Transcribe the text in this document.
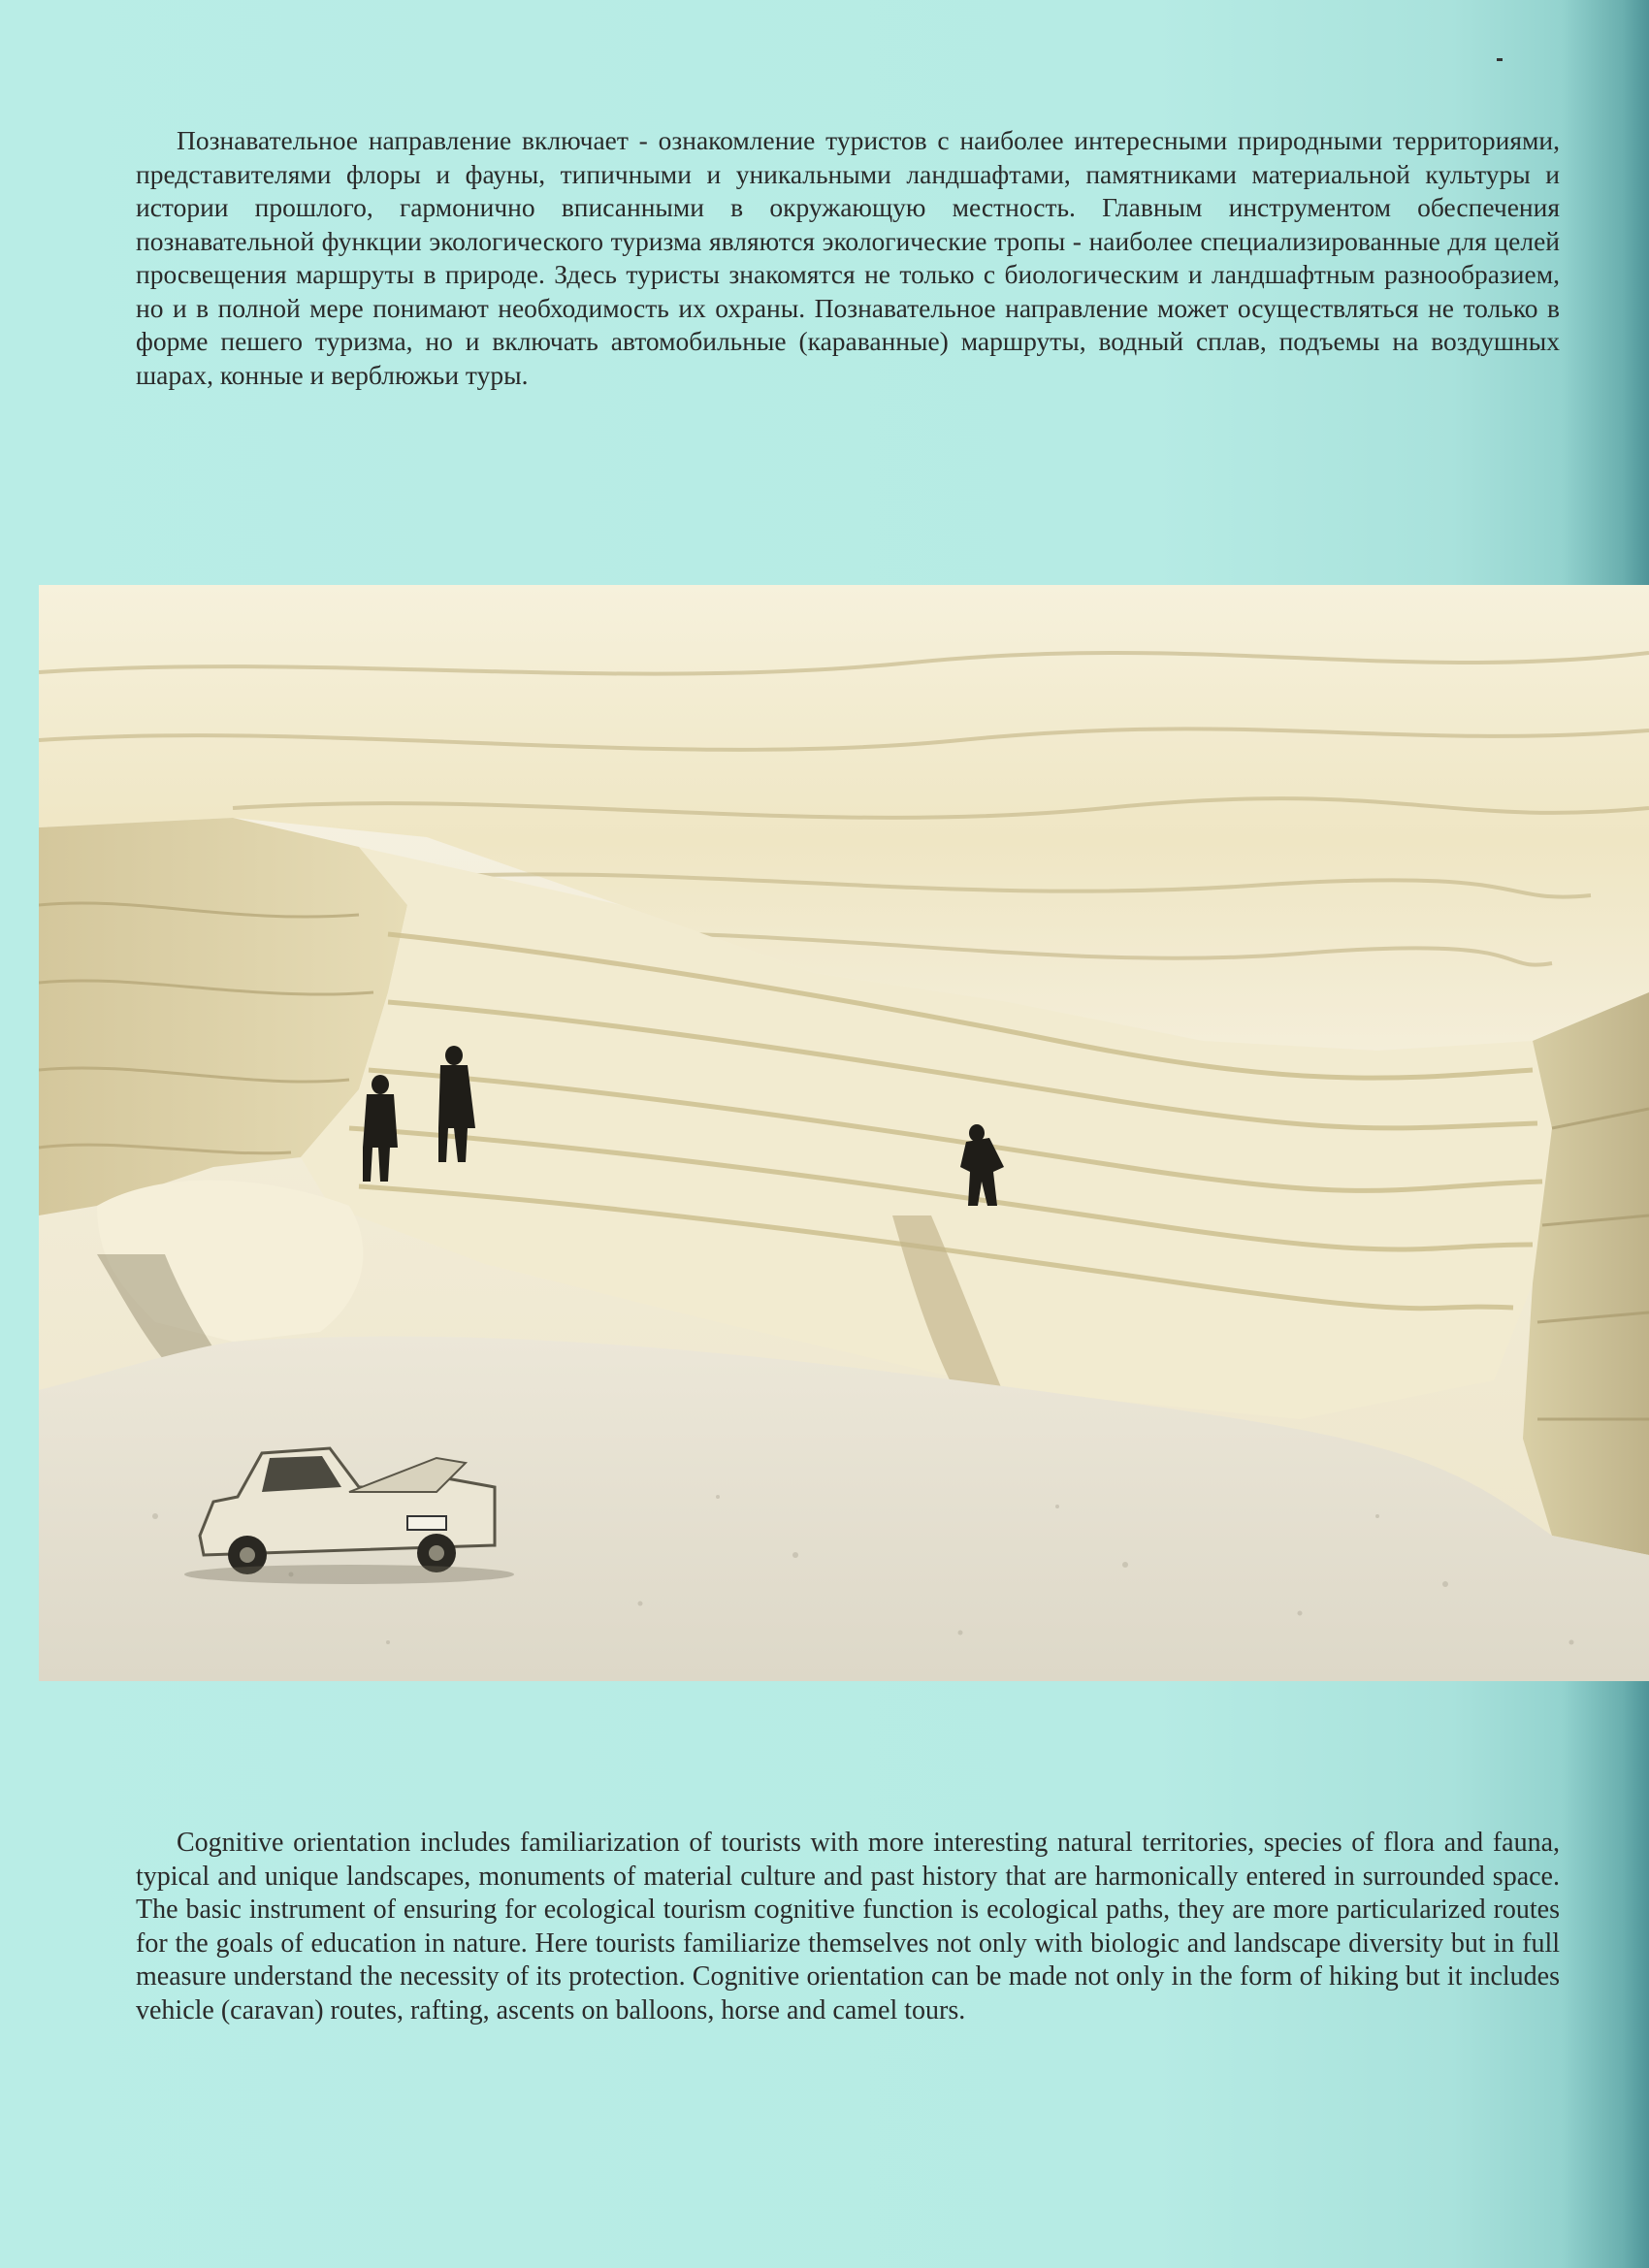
Познавательное направление включает - ознакомление туристов с наиболее интересными природными территориями, представителями флоры и фауны, типичными и уникальными ландшафтами, памятниками материальной культуры и истории прошлого, гармонично вписанными в окружающую местность. Главным инструментом обеспечения познавательной функции экологического туризма являются экологические тропы - наиболее специализированные для целей просвещения маршруты в природе. Здесь туристы знакомятся не только с биологическим и ландшафтным разнообразием, но и в полной мере понимают необходимость их охраны. Познавательное направление может осуществляться не только в форме пешего туризма, но и включать автомобильные (караванные) маршруты, водный сплав, подъемы на воздушных шарах, конные и верблюжьи туры.

Cognitive orientation includes familiarization of tourists with more interesting natural territories, species of flora and fauna, typical and unique landscapes, monuments of material culture and past history that are harmonically entered in surrounded space. The basic instrument of ensuring for ecological tourism cognitive function is ecological paths, they are more particularized routes for the goals of education in nature. Here tourists familiarize themselves not only with biologic and landscape diversity but in full measure understand the necessity of its protection. Cognitive orientation can be made not only in the form of hiking but it includes vehicle (caravan) routes, rafting, ascents on balloons, horse and camel tours.
